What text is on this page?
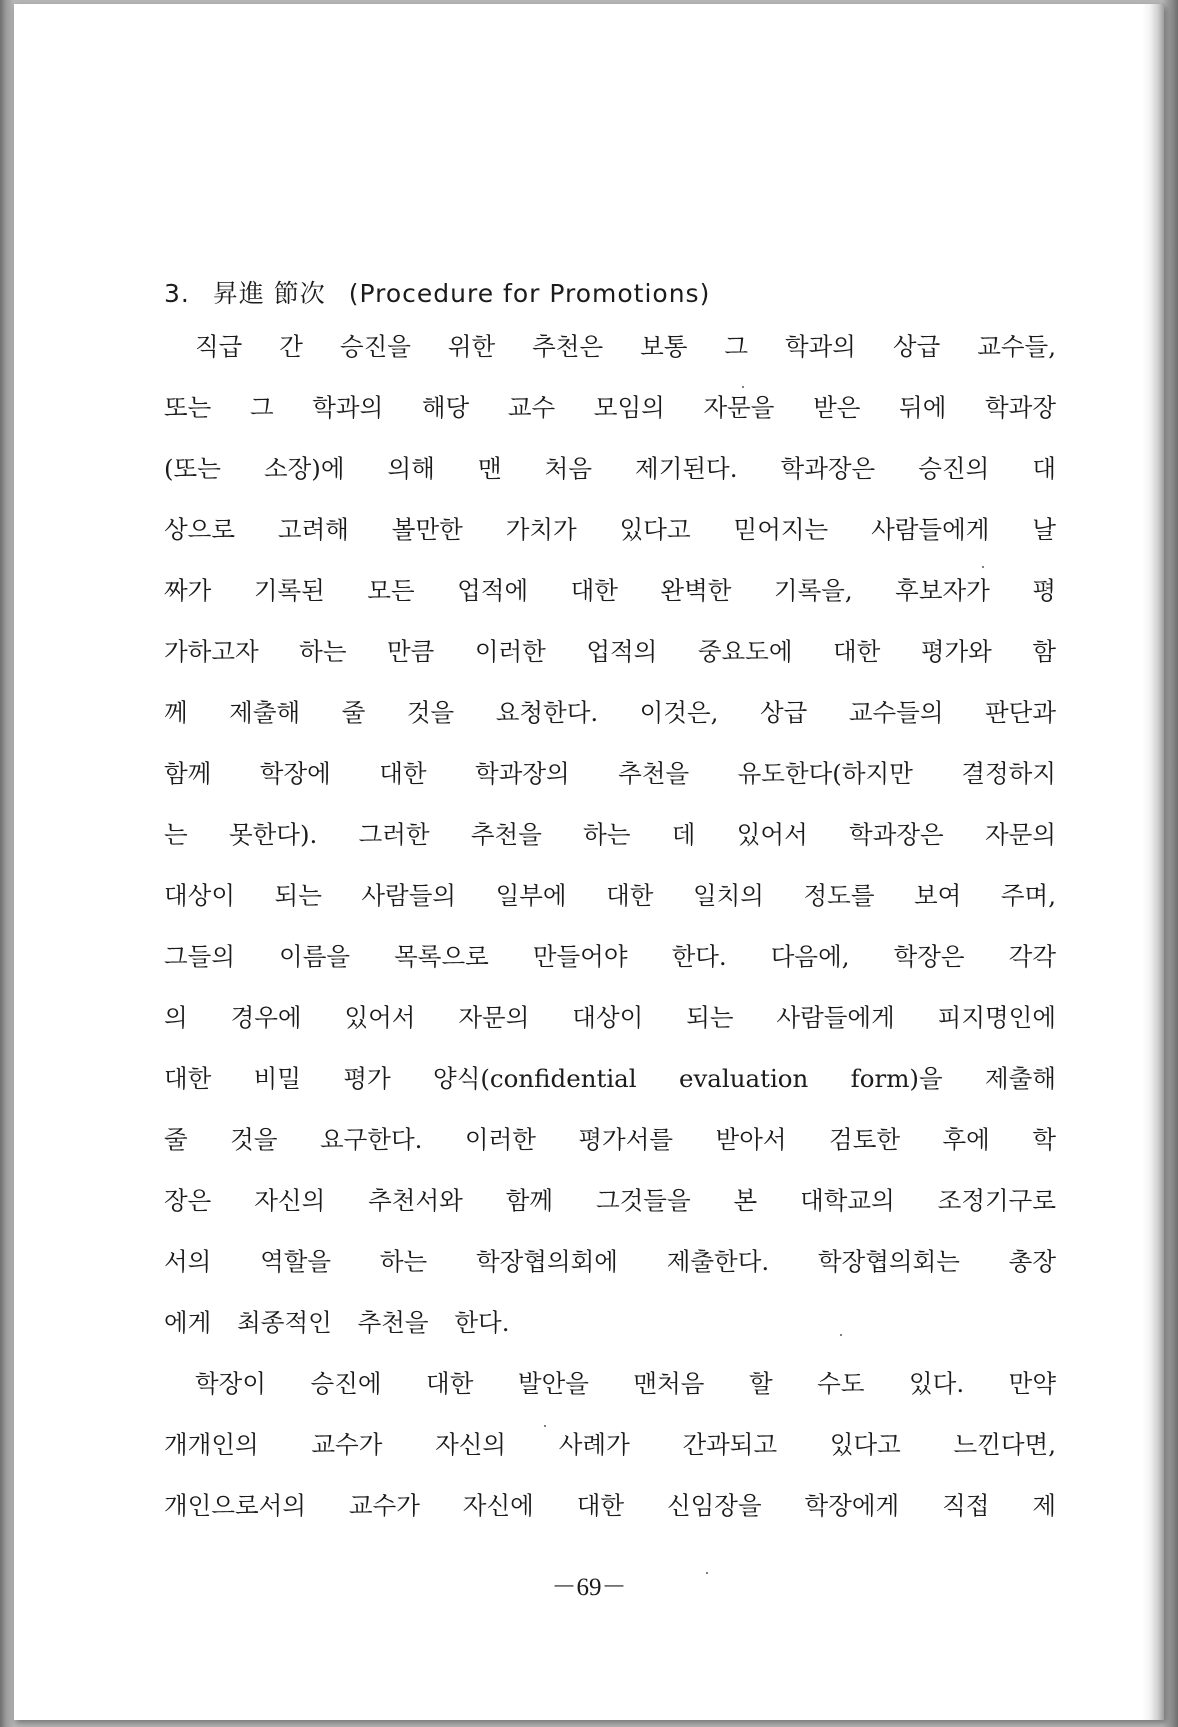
3. 昇進 節次 (Procedure for Promotions)
직급 간 승진을 위한 추천은 보통 그 학과의 상급 교수들,
또는 그 학과의 해당 교수 모임의 자문을 받은 뒤에 학과장
(또는 소장)에 의해 맨 처음 제기된다. 학과장은 승진의 대
상으로 고려해 볼만한 가치가 있다고 믿어지는 사람들에게 날
짜가 기록된 모든 업적에 대한 완벽한 기록을, 후보자가 평
가하고자 하는 만큼 이러한 업적의 중요도에 대한 평가와 함
께 제출해 줄 것을 요청한다. 이것은, 상급 교수들의 판단과
함께 학장에 대한 학과장의 추천을 유도한다(하지만 결정하지
는 못한다). 그러한 추천을 하는 데 있어서 학과장은 자문의
대상이 되는 사람들의 일부에 대한 일치의 정도를 보여 주며,
그들의 이름을 목록으로 만들어야 한다. 다음에, 학장은 각각
의 경우에 있어서 자문의 대상이 되는 사람들에게 피지명인에
대한 비밀 평가 양식(confidential evaluation form)을 제출해
줄 것을 요구한다. 이러한 평가서를 받아서 검토한 후에 학
장은 자신의 추천서와 함께 그것들을 본 대학교의 조정기구로
서의 역할을 하는 학장협의회에 제출한다. 학장협의회는 총장
에게 최종적인 추천을 한다.
학장이 승진에 대한 발안을 맨처음 할 수도 있다. 만약
개개인의 교수가 자신의 사례가 간과되고 있다고 느낀다면,
개인으로서의 교수가 자신에 대한 신임장을 학장에게 직접 제
－69－
